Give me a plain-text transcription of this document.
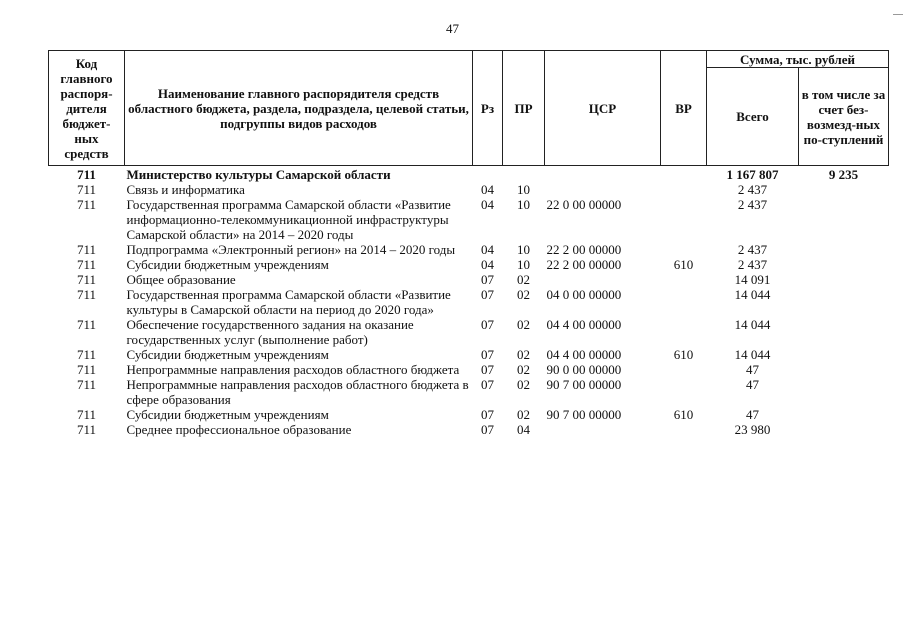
47
Код главного распоря-дителя бюджет-ных средств	Наименование главного распорядителя средств областного бюджета, раздела, подраздела, целевой статьи, подгруппы видов расходов	Рз	ПР	ЦСР	ВР	Сумма, тыс. рублей	
						Всего	в том числе за счет без-возмезд-ных по-ступлений
711	Министерство культуры Самарской области					1 167 807	9 235
711	Связь и информатика	04	10			2 437	
711	Государственная программа Самарской области «Развитие информационно-телекоммуникационной инфраструктуры Самарской области» на 2014 – 2020 годы	04	10	22 0 00 00000		2 437	
711	Подпрограмма «Электронный регион» на 2014 – 2020 годы	04	10	22 2 00 00000		2 437	
711	Субсидии бюджетным учреждениям	04	10	22 2 00 00000	610	2 437	
711	Общее образование	07	02			14 091	
711	Государственная программа Самарской области «Развитие культуры в Самарской области на период до 2020 года»	07	02	04 0 00 00000		14 044	
711	Обеспечение государственного задания на оказание государственных услуг (выполнение работ)	07	02	04 4 00 00000		14 044	
711	Субсидии бюджетным учреждениям	07	02	04 4 00 00000	610	14 044	
711	Непрограммные направления расходов областного бюджета	07	02	90 0 00 00000		47	
711	Непрограммные направления расходов областного бюджета в сфере образования	07	02	90 7 00 00000		47	
711	Субсидии бюджетным учреждениям	07	02	90 7 00 00000	610	47	
711	Среднее профессиональное образование	07	04			23 980	
